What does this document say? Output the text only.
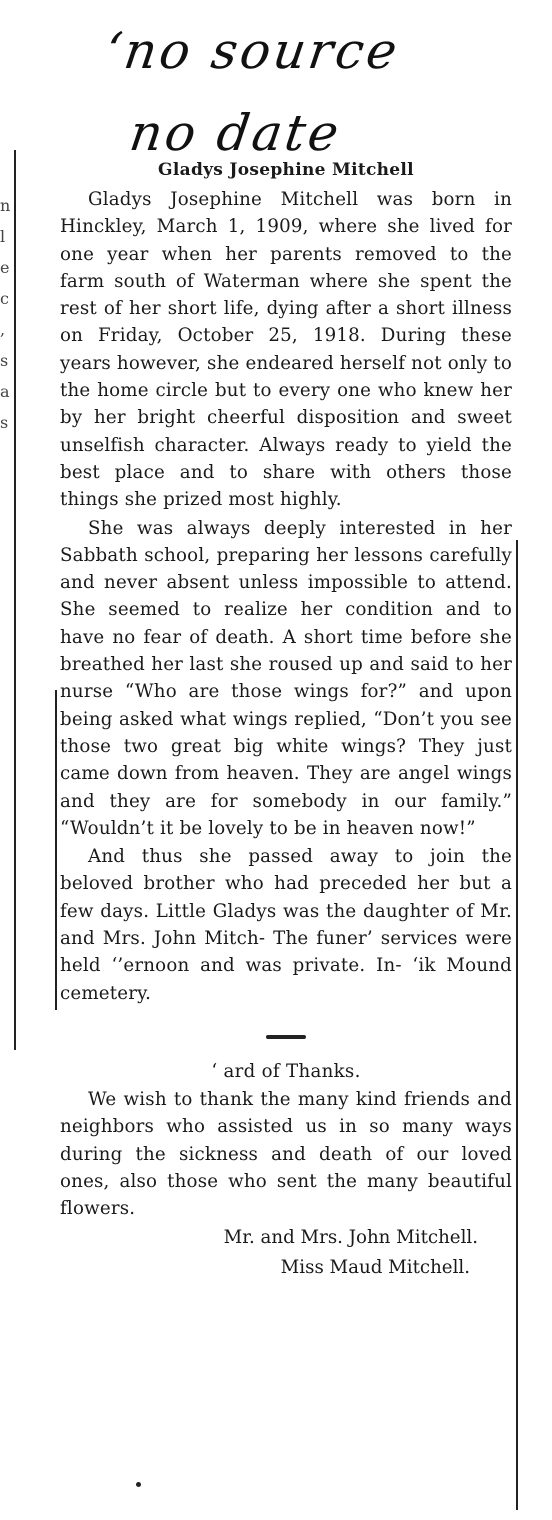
‘no source
no date
n
l
e
c
,
s
a
s
Gladys Josephine Mitchell

Gladys Josephine Mitchell was born in Hinckley, March 1, 1909, where she lived for one year when her parents removed to the farm south of Waterman where she spent the rest of her short life, dying after a short illness on Friday, October 25, 1918. During these years however, she endeared herself not only to the home circle but to every one who knew her by her bright cheerful disposition and sweet unselfish character. Always ready to yield the best place and to share with others those things she prized most highly.

She was always deeply interested in her Sabbath school, preparing her lessons carefully and never absent unless impossible to attend. She seemed to realize her condition and to have no fear of death. A short time before she breathed her last she roused up and said to her nurse “Who are those wings for?” and upon being asked what wings replied, “Don’t you see those two great big white wings? They just came down from heaven. They are angel wings and they are for somebody in our family.” “Wouldn’t it be lovely to be in heaven now!”

And thus she passed away to join the beloved brother who had preceded her but a few days. Little Gladys was the daughter of Mr. and Mrs. John Mitch- The funer’ services were held ‘’ernoon and was private. In- ‘ik Mound cemetery.

‘ ard of Thanks.

We wish to thank the many kind friends and neighbors who assisted us in so many ways during the sickness and death of our loved ones, also those who sent the many beautiful flowers.

Mr. and Mrs. John Mitchell.
Miss Maud Mitchell.
